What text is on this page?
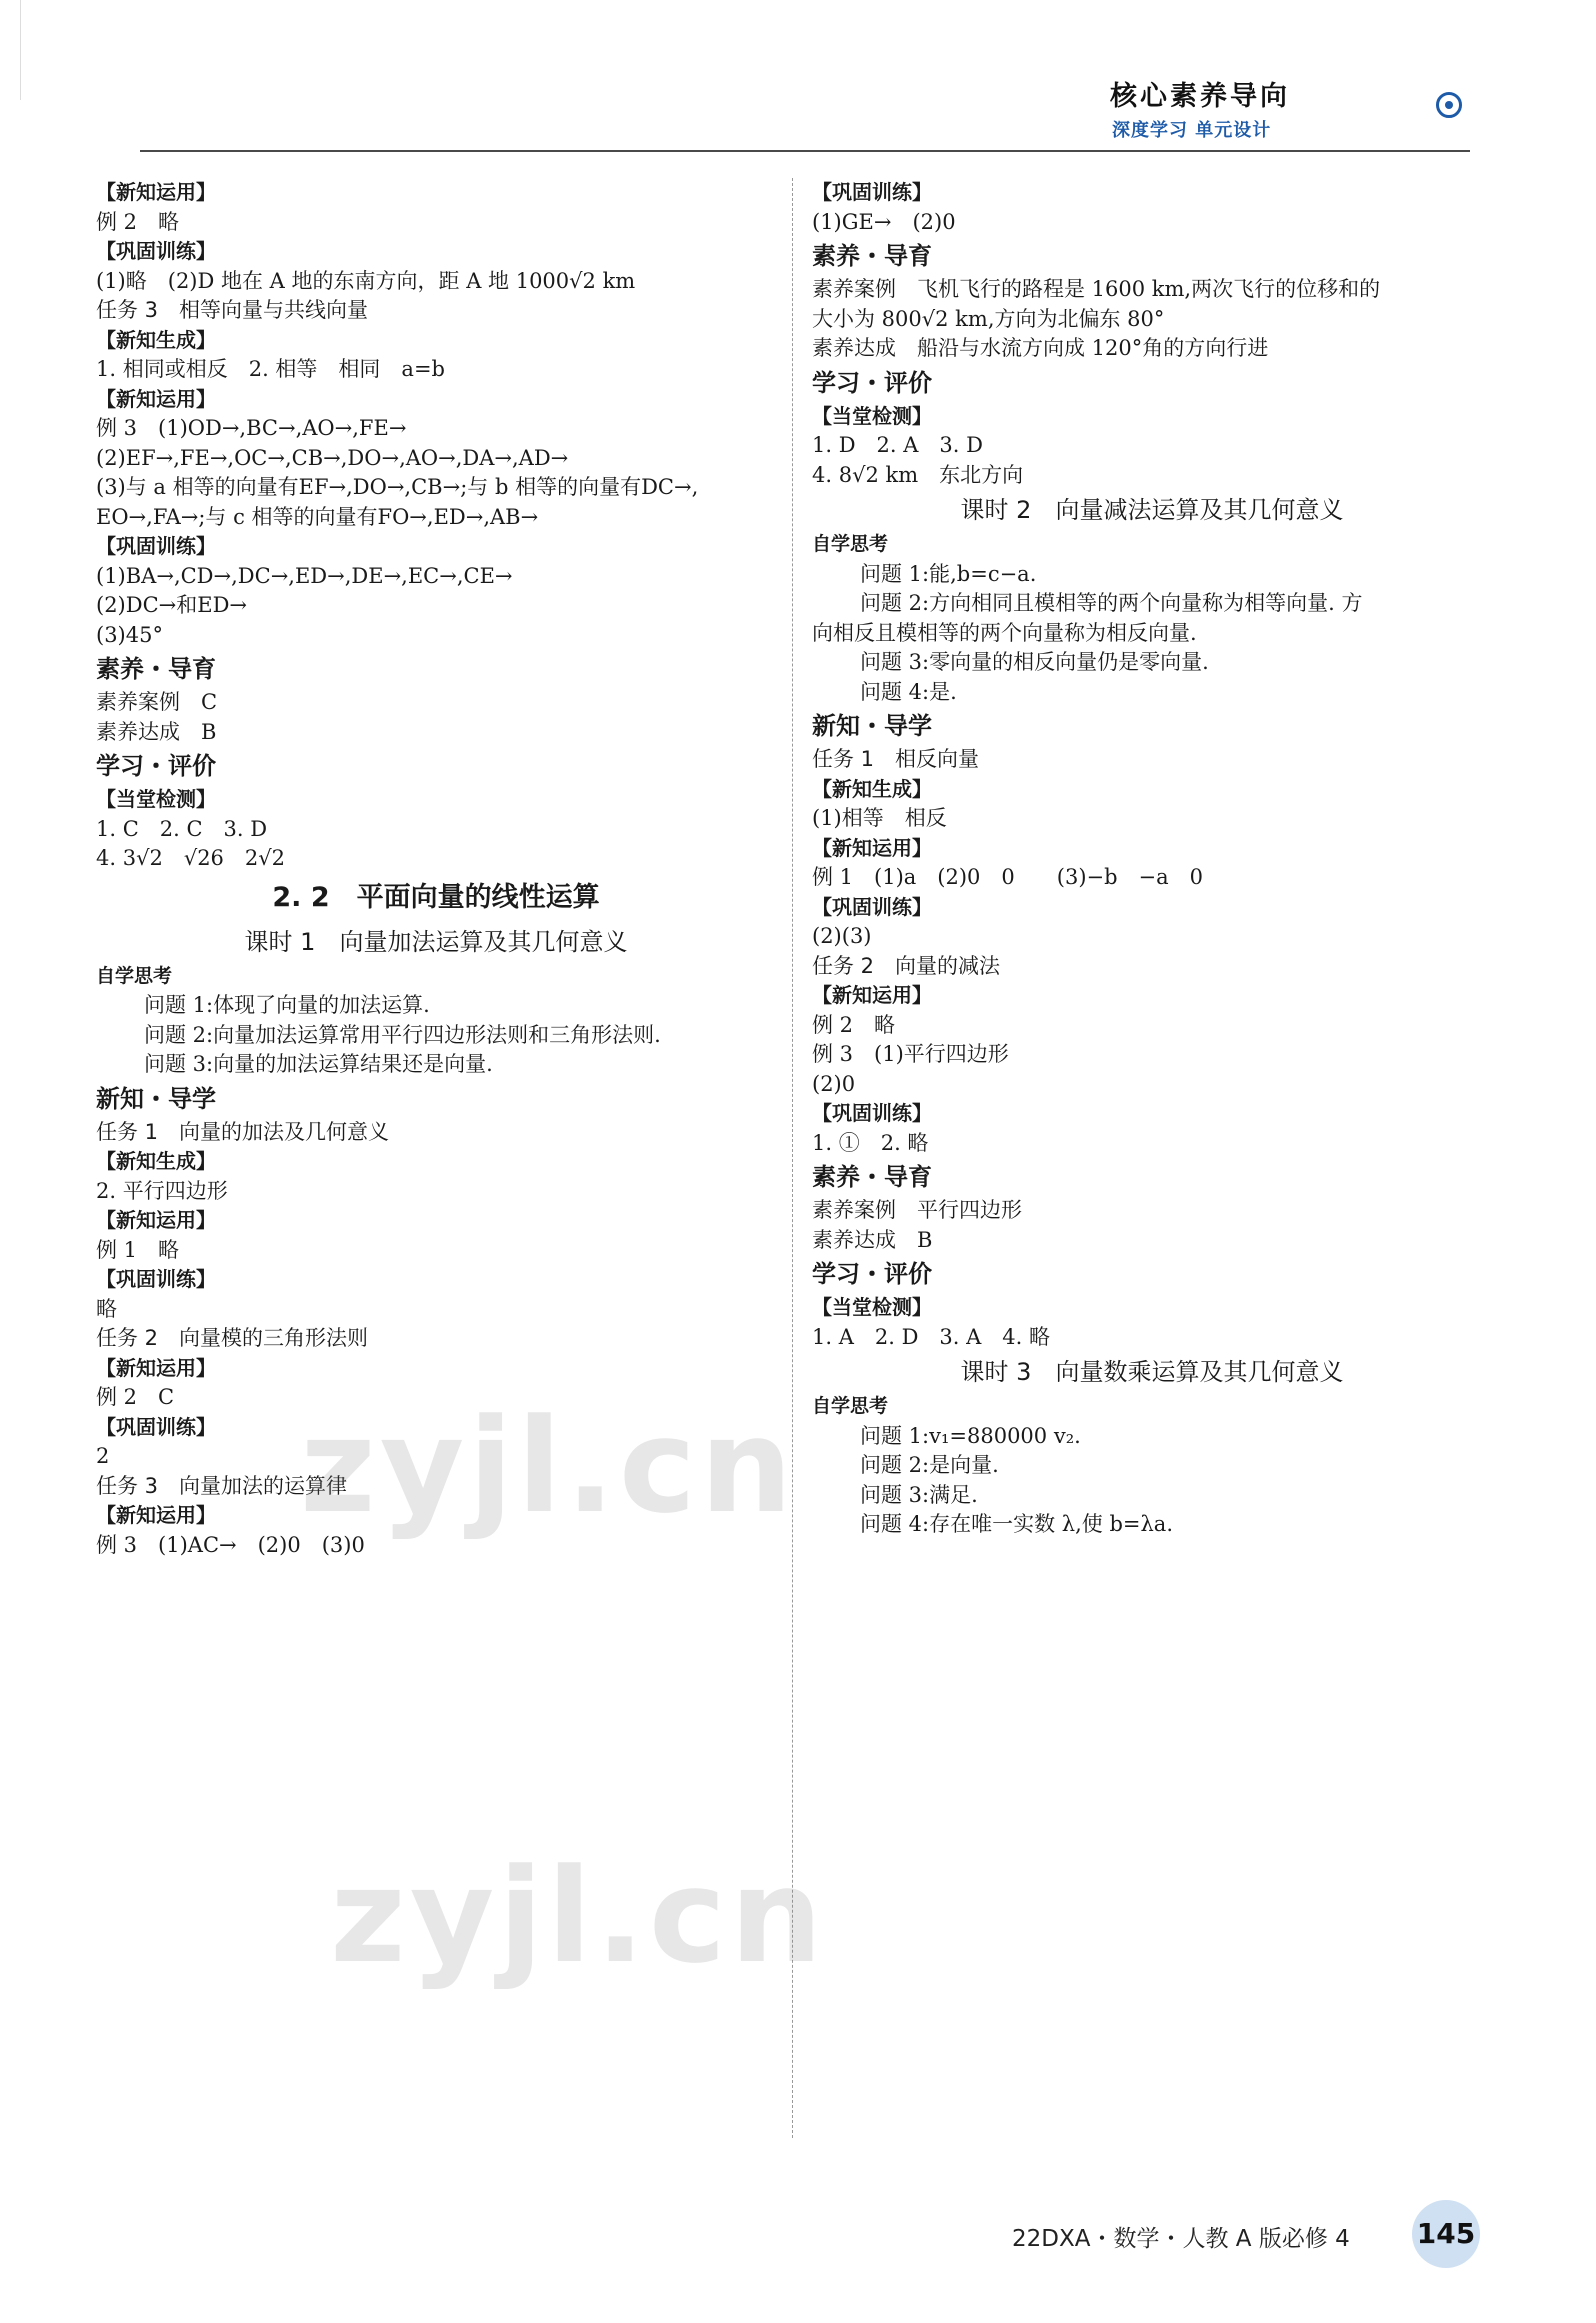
核心素养导向
深度学习 单元设计

【新知运用】

例 2　略

【巩固训练】

(1)略　(2)D 地在 A 地的东南方向，距 A 地 1000√2 km

任务 3　相等向量与共线向量

【新知生成】

1. 相同或相反　2. 相等　相同　a=b

【新知运用】

例 3　(1)OD→,BC→,AO→,FE→

(2)EF→,FE→,OC→,CB→,DO→,AO→,DA→,AD→

(3)与 a 相等的向量有EF→,DO→,CB→;与 b 相等的向量有DC→,

EO→,FA→;与 c 相等的向量有FO→,ED→,AB→

【巩固训练】

(1)BA→,CD→,DC→,ED→,DE→,EC→,CE→

(2)DC→和ED→

(3)45°

素养・导育

素养案例　C

素养达成　B

学习・评价

【当堂检测】

1. C　2. C　3. D

4. 3√2　√26　2√2

2. 2　平面向量的线性运算

课时 1　向量加法运算及其几何意义

自学思考

问题 1:体现了向量的加法运算.

问题 2:向量加法运算常用平行四边形法则和三角形法则.

问题 3:向量的加法运算结果还是向量.

新知・导学

任务 1　向量的加法及几何意义

【新知生成】

2. 平行四边形

【新知运用】

例 1　略

【巩固训练】

略

任务 2　向量模的三角形法则

【新知运用】

例 2　C

【巩固训练】

2

任务 3　向量加法的运算律

【新知运用】

例 3　(1)AC→　(2)0　(3)0

【巩固训练】

(1)GE→　(2)0

素养・导育

素养案例　飞机飞行的路程是 1600 km,两次飞行的位移和的

大小为 800√2 km,方向为北偏东 80°

素养达成　船沿与水流方向成 120°角的方向行进

学习・评价

【当堂检测】

1. D　2. A　3. D

4. 8√2 km　东北方向

课时 2　向量减法运算及其几何意义

自学思考

问题 1:能,b=c−a.

问题 2:方向相同且模相等的两个向量称为相等向量. 方

向相反且模相等的两个向量称为相反向量.

问题 3:零向量的相反向量仍是零向量.

问题 4:是.

新知・导学

任务 1　相反向量

【新知生成】

(1)相等　相反

【新知运用】

例 1　(1)a　(2)0　0　　(3)−b　−a　0

【巩固训练】

(2)(3)

任务 2　向量的减法

【新知运用】

例 2　略

例 3　(1)平行四边形

(2)0

【巩固训练】

1. ①　2. 略

素养・导育

素养案例　平行四边形

素养达成　B

学习・评价

【当堂检测】

1. A　2. D　3. A　4. 略

课时 3　向量数乘运算及其几何意义

自学思考

问题 1:v₁=880000 v₂.

问题 2:是向量.

问题 3:满足.

问题 4:存在唯一实数 λ,使 b=λa.

zyjl.cn
zyjl.cn
22DXA・数学・人教 A 版必修 4 145
